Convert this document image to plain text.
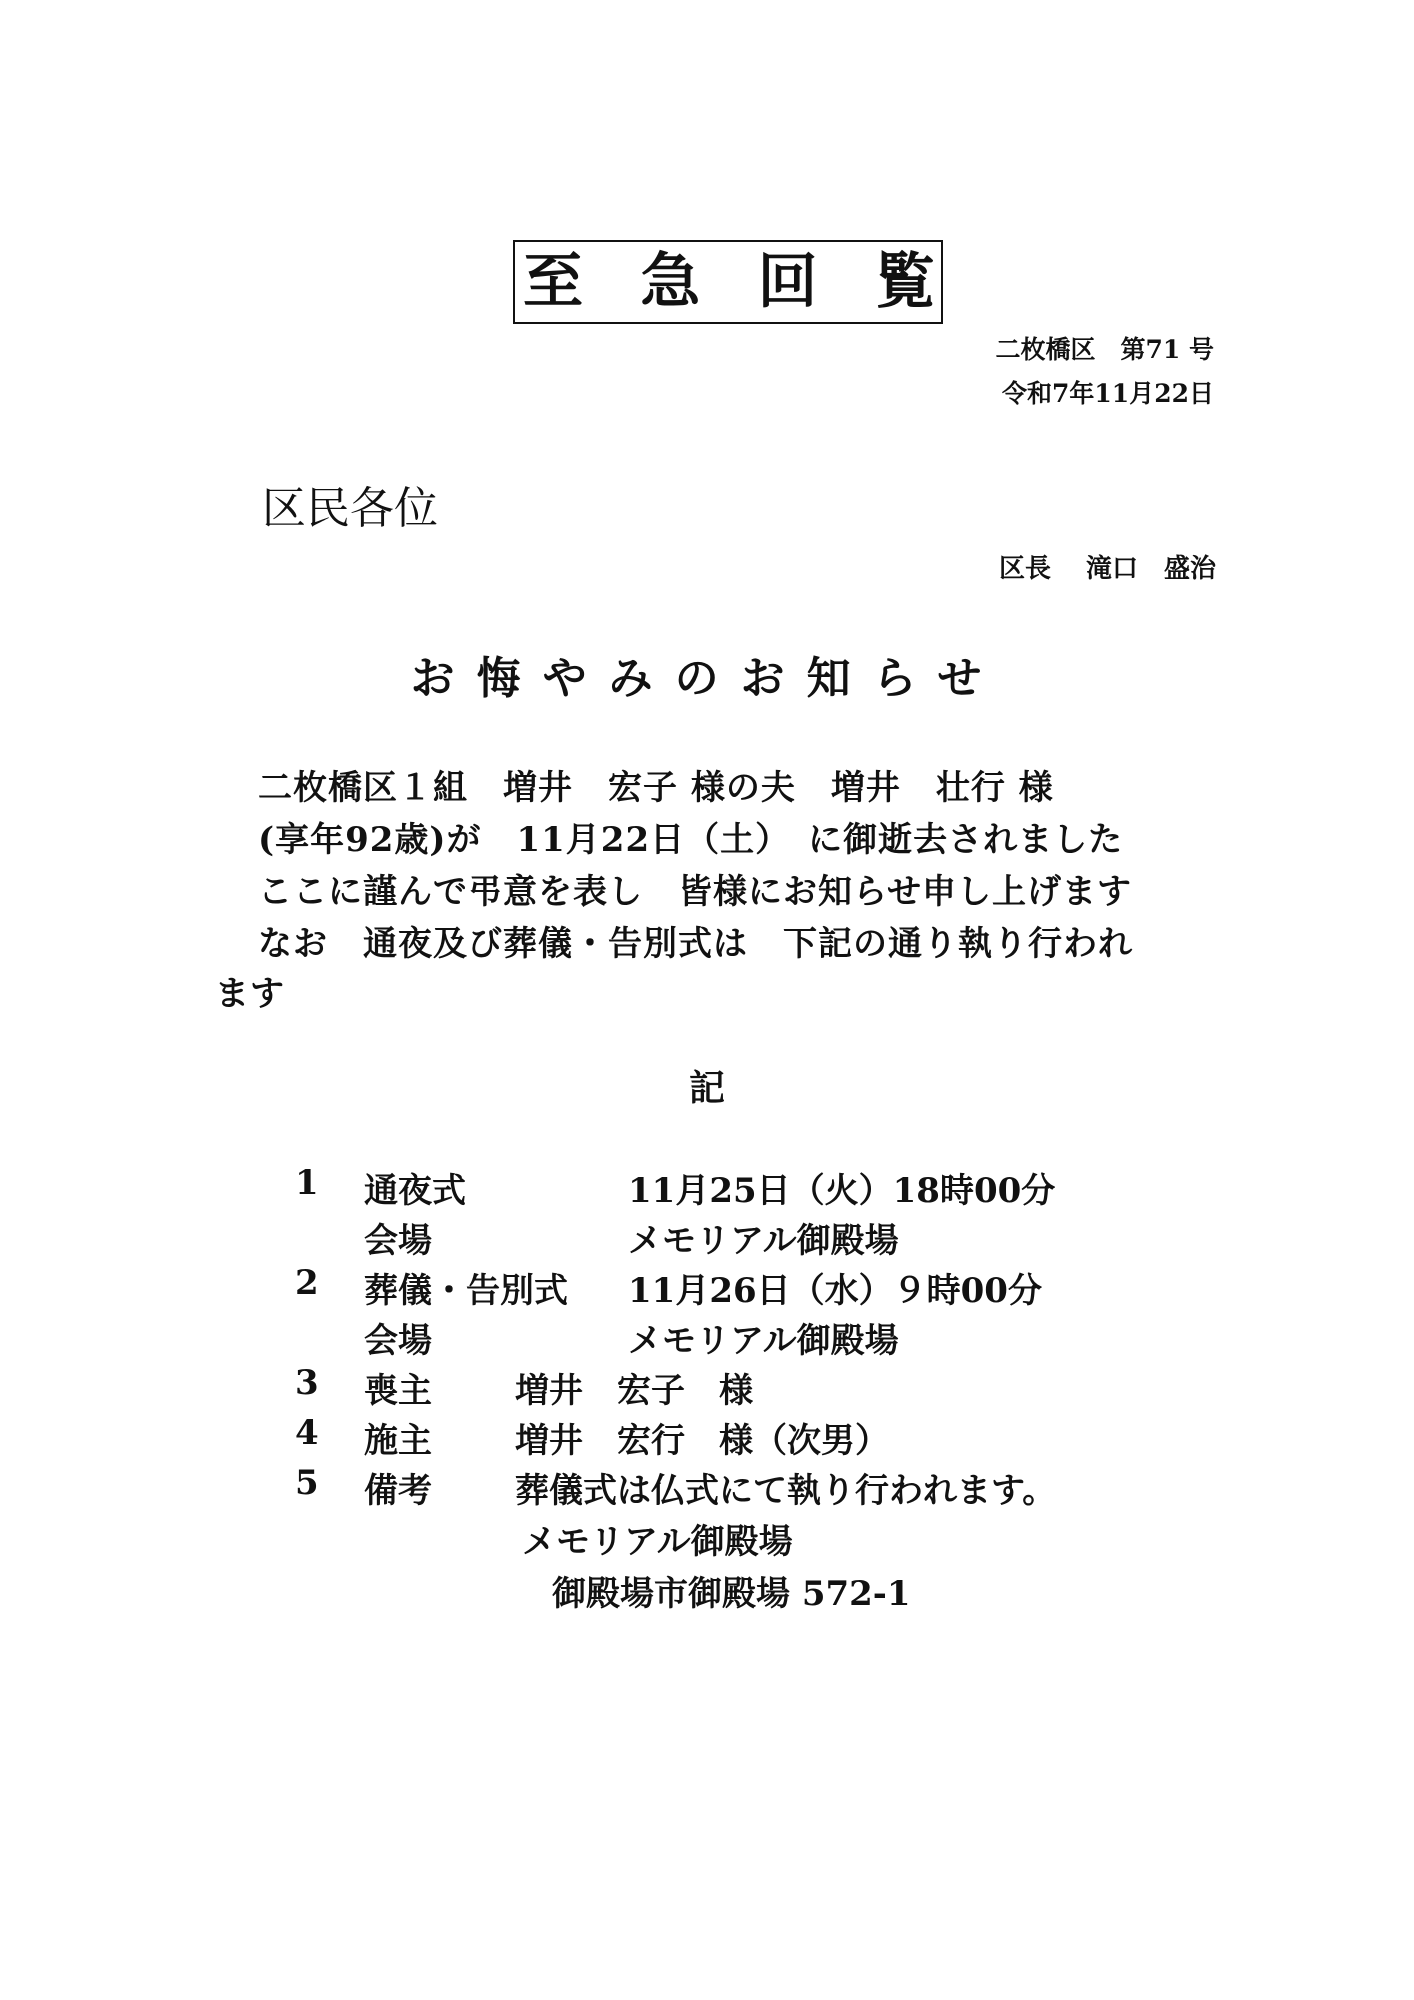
至 急 回 覧
二枚橋区　第71 号
令和7年11月22日
区民各位
区長　 滝口　盛治
お悔やみのお知らせ
二枚橋区１組　増井　宏子 様の夫　増井　壮行 様
(享年92歳)が　11月22日（土）　に御逝去されました
ここに謹んで弔意を表し　皆様にお知らせ申し上げます
なお　通夜及び葬儀・告別式は　下記の通り執り行われ
ます
記
1 通夜式	11月25日（火）18時00分
会場	メモリアル御殿場
2 葬儀・告別式 11月26日（水）９時00分
会場	メモリアル御殿場
3 喪主 増井　宏子　様
4 施主 増井　宏行　様（次男）
5 備考 葬儀式は仏式にて執り行われます。
メモリアル御殿場
御殿場市御殿場 572-1
